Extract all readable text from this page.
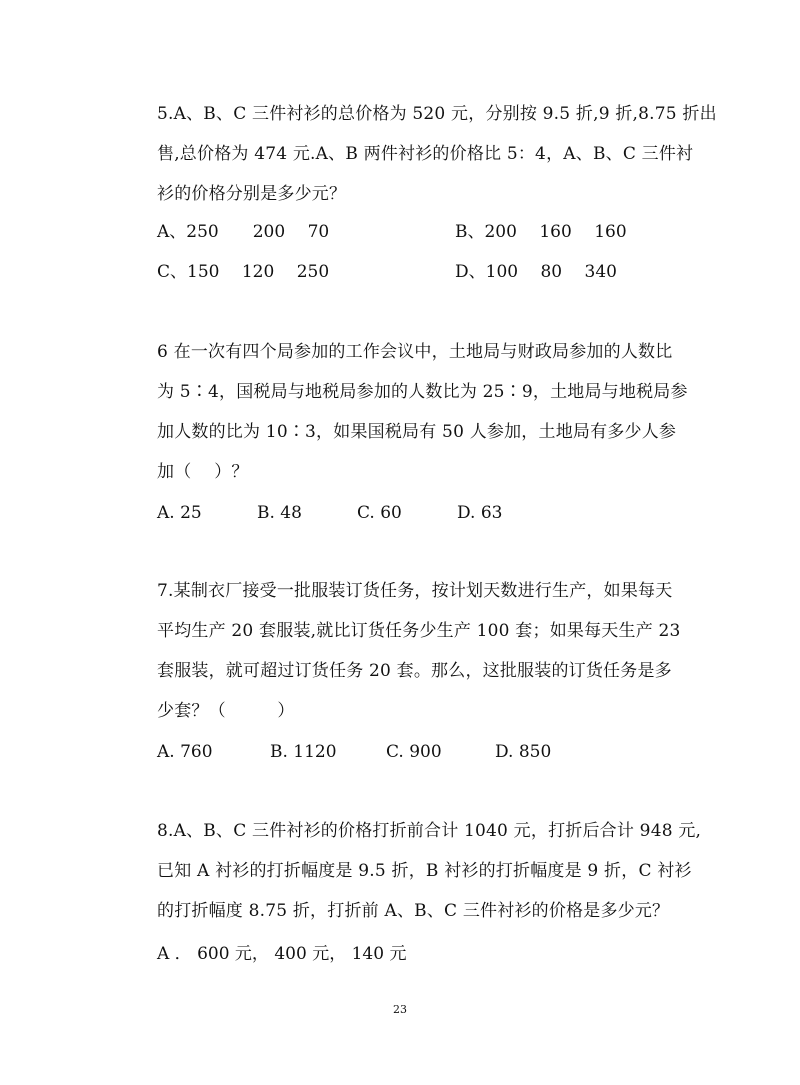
5.A、B、C 三件衬衫的总价格为 520 元，分别按 9.5 折,9 折,8.75 折出
售,总价格为 474 元.A、B 两件衬衫的价格比 5：4，A、B、C 三件衬
衫的价格分别是多少元？
A、250　　200　 70	B、200　 160　 160
C、150　 120　 250	D、100　 80　 340
6 在一次有四个局参加的工作会议中，土地局与财政局参加的人数比
为 5∶4，国税局与地税局参加的人数比为 25∶9，土地局与地税局参
加人数的比为 10∶3，如果国税局有 50 人参加，土地局有多少人参
加（　 ）？
A. 25	B. 48	C. 60	D. 63
7.某制衣厂接受一批服装订货任务，按计划天数进行生产，如果每天
平均生产 20 套服装,就比订货任务少生产 100 套；如果每天生产 23
套服装，就可超过订货任务 20 套。那么，这批服装的订货任务是多
少套？（　　　）
A. 760	B. 1120	C. 900	D. 850
8.A、B、C 三件衬衫的价格打折前合计 1040 元，打折后合计 948 元,
已知 A 衬衫的打折幅度是 9.5 折，B 衬衫的打折幅度是 9 折，C 衬衫
的打折幅度 8.75 折，打折前 A、B、C 三件衬衫的价格是多少元？
A ． 600 元， 400 元， 140 元
23
